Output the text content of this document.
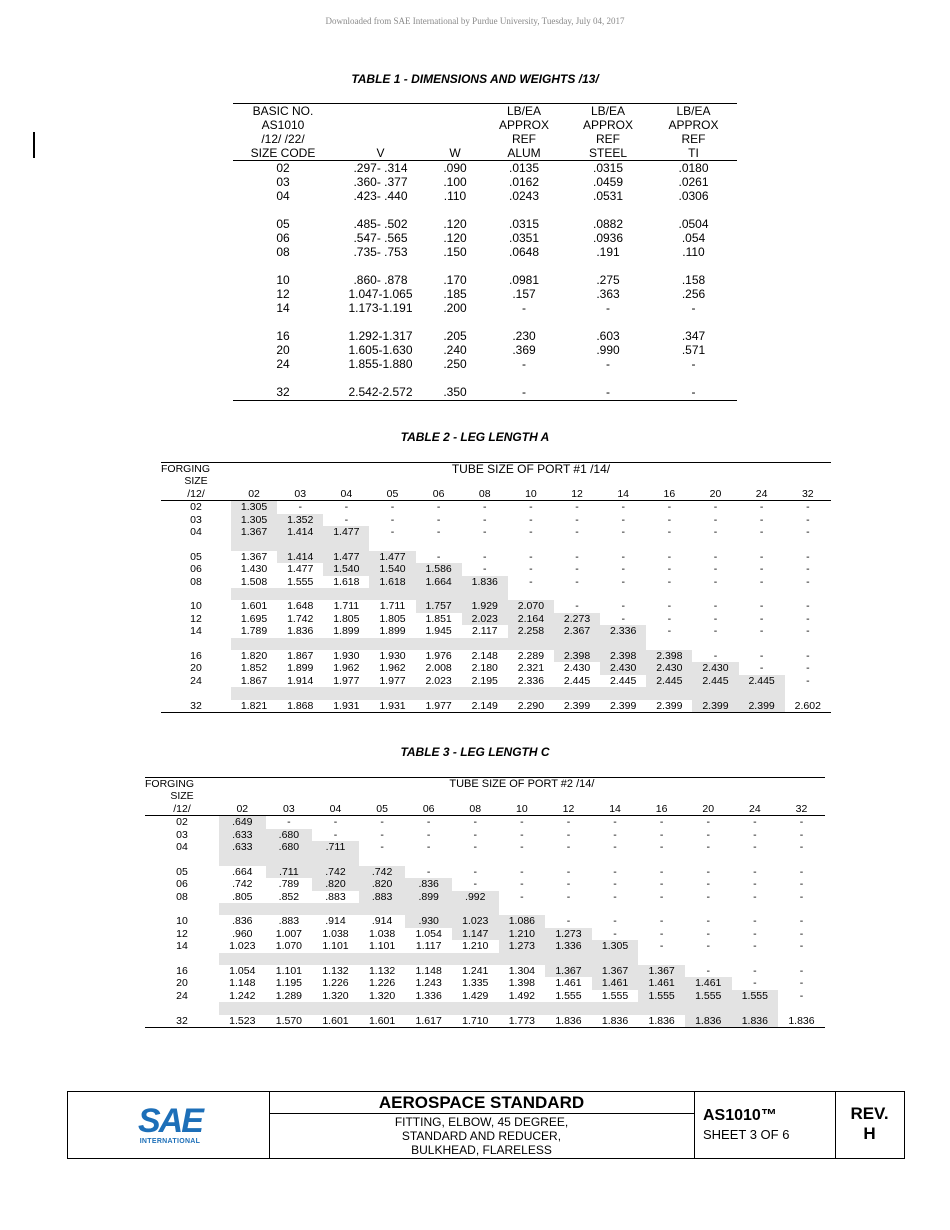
Downloaded from SAE International by Purdue University, Tuesday, July 04, 2017
TABLE 1 - DIMENSIONS AND WEIGHTS /13/
BASIC NO.			LB/EA	LB/EA	LB/EA
AS1010			APPROX	APPROX	APPROX
/12/ /22/			REF	REF	REF
SIZE CODE	V	W	ALUM	STEEL	TI
02	.297- .314	.090	.0135	.0315	.0180
03	.360- .377	.100	.0162	.0459	.0261
04	.423- .440	.110	.0243	.0531	.0306

05	.485- .502	.120	.0315	.0882	.0504
06	.547- .565	.120	.0351	.0936	.054
08	.735- .753	.150	.0648	.191	.110

10	.860- .878	.170	.0981	.275	.158
12	1.047-1.065	.185	.157	.363	.256
14	1.173-1.191	.200	-	-	-

16	1.292-1.317	.205	.230	.603	.347
20	1.605-1.630	.240	.369	.990	.571
24	1.855-1.880	.250	-	-	-

32	2.542-2.572	.350	-	-	-
TABLE 2 - LEG LENGTH A
FORGING	TUBE SIZE OF PORT #1 /14/												
SIZE													
/12/	02	03	04	05	06	08	10	12	14	16	20	24	32
02	1.305	-	-	-	-	-	-	-	-	-	-	-	-
03	1.305	1.352	-	-	-	-	-	-	-	-	-	-	-
04	1.367	1.414	1.477	-	-	-	-	-	-	-	-	-	-

05	1.367	1.414	1.477	1.477	-	-	-	-	-	-	-	-	-
06	1.430	1.477	1.540	1.540	1.586	-	-	-	-	-	-	-	-
08	1.508	1.555	1.618	1.618	1.664	1.836	-	-	-	-	-	-	-

10	1.601	1.648	1.711	1.711	1.757	1.929	2.070	-	-	-	-	-	-
12	1.695	1.742	1.805	1.805	1.851	2.023	2.164	2.273	-	-	-	-	-
14	1.789	1.836	1.899	1.899	1.945	2.117	2.258	2.367	2.336	-	-	-	-

16	1.820	1.867	1.930	1.930	1.976	2.148	2.289	2.398	2.398	2.398	-	-	-
20	1.852	1.899	1.962	1.962	2.008	2.180	2.321	2.430	2.430	2.430	2.430	-	-
24	1.867	1.914	1.977	1.977	2.023	2.195	2.336	2.445	2.445	2.445	2.445	2.445	-

32	1.821	1.868	1.931	1.931	1.977	2.149	2.290	2.399	2.399	2.399	2.399	2.399	2.602
TABLE 3 - LEG LENGTH C
FORGING	TUBE SIZE OF PORT #2 /14/												
SIZE													
/12/	02	03	04	05	06	08	10	12	14	16	20	24	32
02	.649	-	-	-	-	-	-	-	-	-	-	-	-
03	.633	.680	-	-	-	-	-	-	-	-	-	-	-
04	.633	.680	.711	-	-	-	-	-	-	-	-	-	-

05	.664	.711	.742	.742	-	-	-	-	-	-	-	-	-
06	.742	.789	.820	.820	.836	-	-	-	-	-	-	-	-
08	.805	.852	.883	.883	.899	.992	-	-	-	-	-	-	-

10	.836	.883	.914	.914	.930	1.023	1.086	-	-	-	-	-	-
12	.960	1.007	1.038	1.038	1.054	1.147	1.210	1.273	-	-	-	-	-
14	1.023	1.070	1.101	1.101	1.117	1.210	1.273	1.336	1.305	-	-	-	-

16	1.054	1.101	1.132	1.132	1.148	1.241	1.304	1.367	1.367	1.367	-	-	-
20	1.148	1.195	1.226	1.226	1.243	1.335	1.398	1.461	1.461	1.461	1.461	-	-
24	1.242	1.289	1.320	1.320	1.336	1.429	1.492	1.555	1.555	1.555	1.555	1.555	-

32	1.523	1.570	1.601	1.601	1.617	1.710	1.773	1.836	1.836	1.836	1.836	1.836	1.836
SAE
INTERNATIONAL
AEROSPACE STANDARD
FITTING, ELBOW, 45 DEGREE,
STANDARD AND REDUCER,
BULKHEAD, FLARELESS
AS1010™
SHEET 3 OF 6
REV.
H
